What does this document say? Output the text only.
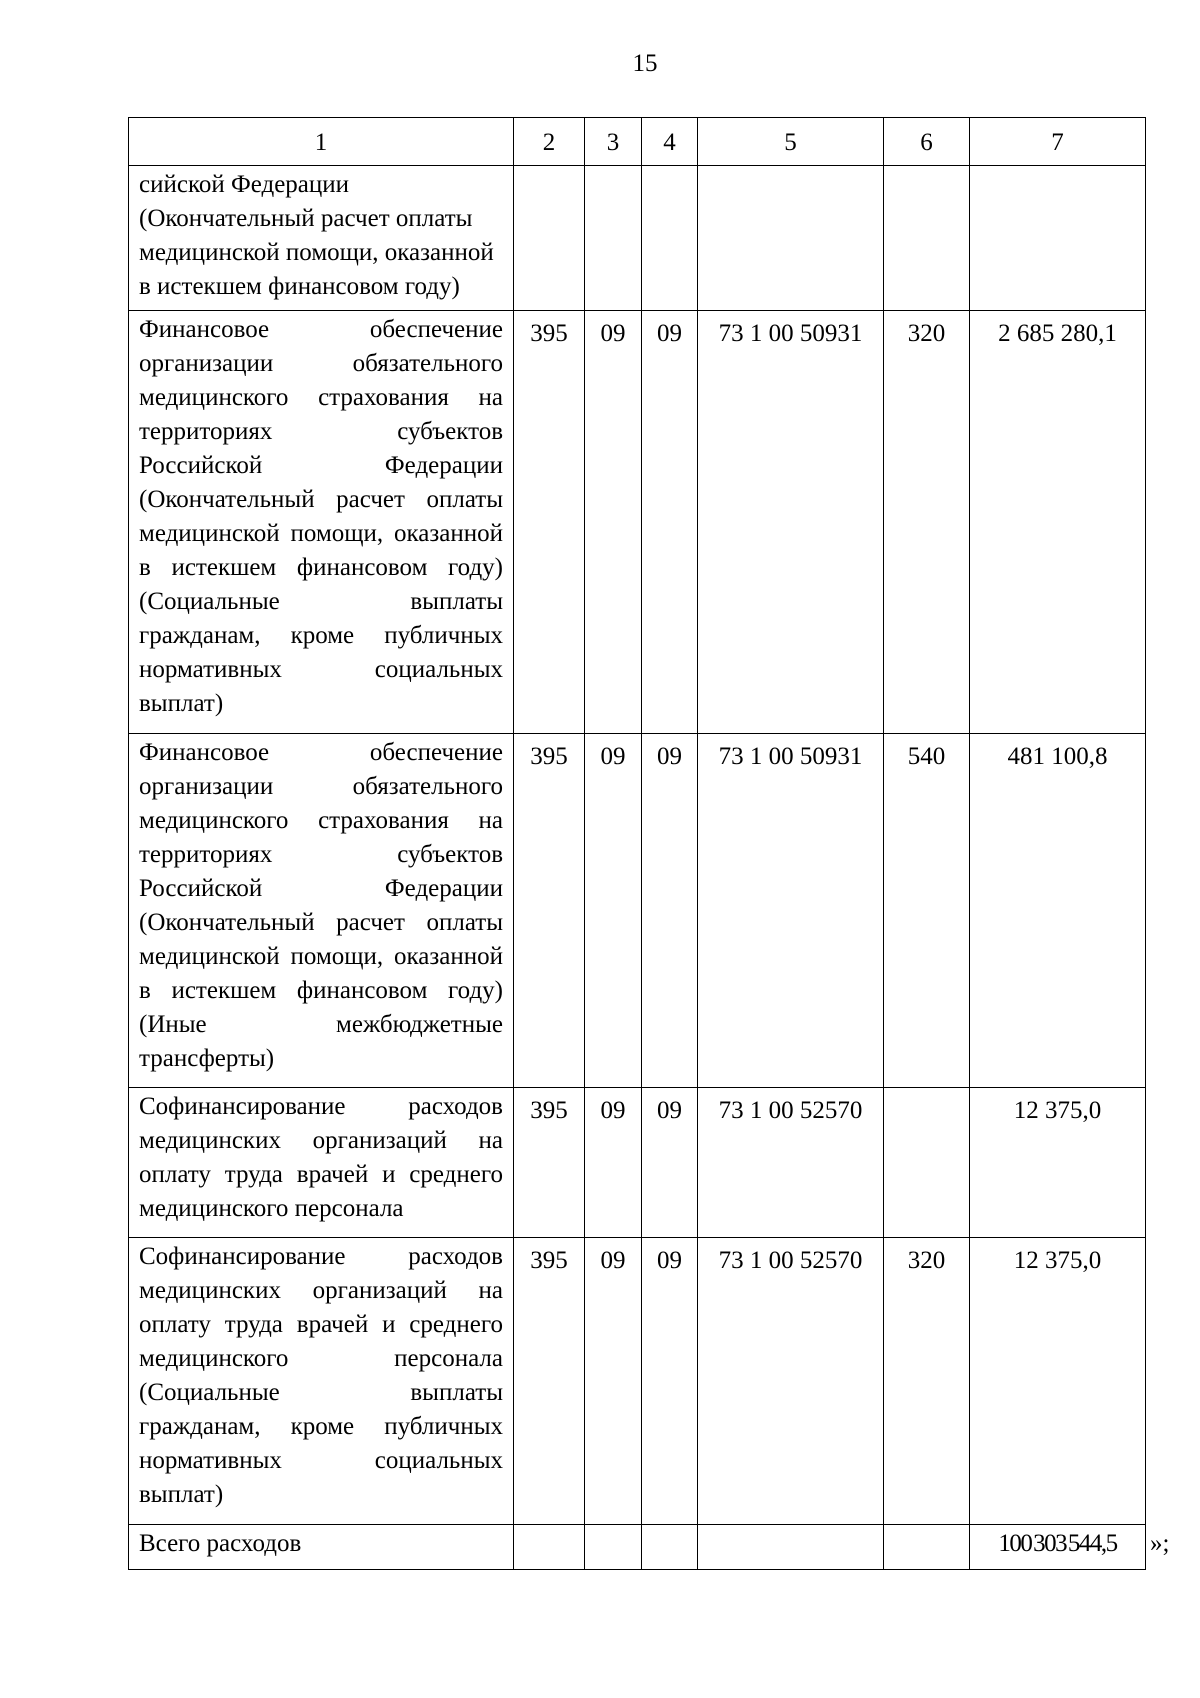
15
1	2	3	4	5	6	7
сийской Федерации (Окончательный расчет оплаты медицинской помощи, оказанной в истекшем финансовом году)						
Финансовое обеспечение организации обязательного медицинского страхования на территориях субъектов Российской Федерации (Окончательный расчет оплаты медицинской помощи, оказанной в истекшем финансовом году) (Социальные выплаты гражданам, кроме публичных нормативных социальных выплат)	395	09	09	73 1 00 50931	320	2 685 280,1
Финансовое обеспечение организации обязательного медицинского страхования на территориях субъектов Российской Федерации (Окончательный расчет оплаты медицинской помощи, оказанной в истекшем финансовом году) (Иные межбюджетные трансферты)	395	09	09	73 1 00 50931	540	481 100,8
Софинансирование расходов медицинских организаций на оплату труда врачей и среднего медицинского персонала	395	09	09	73 1 00 52570		12 375,0
Софинансирование расходов медицинских организаций на оплату труда врачей и среднего медицинского персонала (Социальные выплаты гражданам, кроме публичных нормативных социальных выплат)	395	09	09	73 1 00 52570	320	12 375,0
Всего расходов						100 303 544,5 »;
